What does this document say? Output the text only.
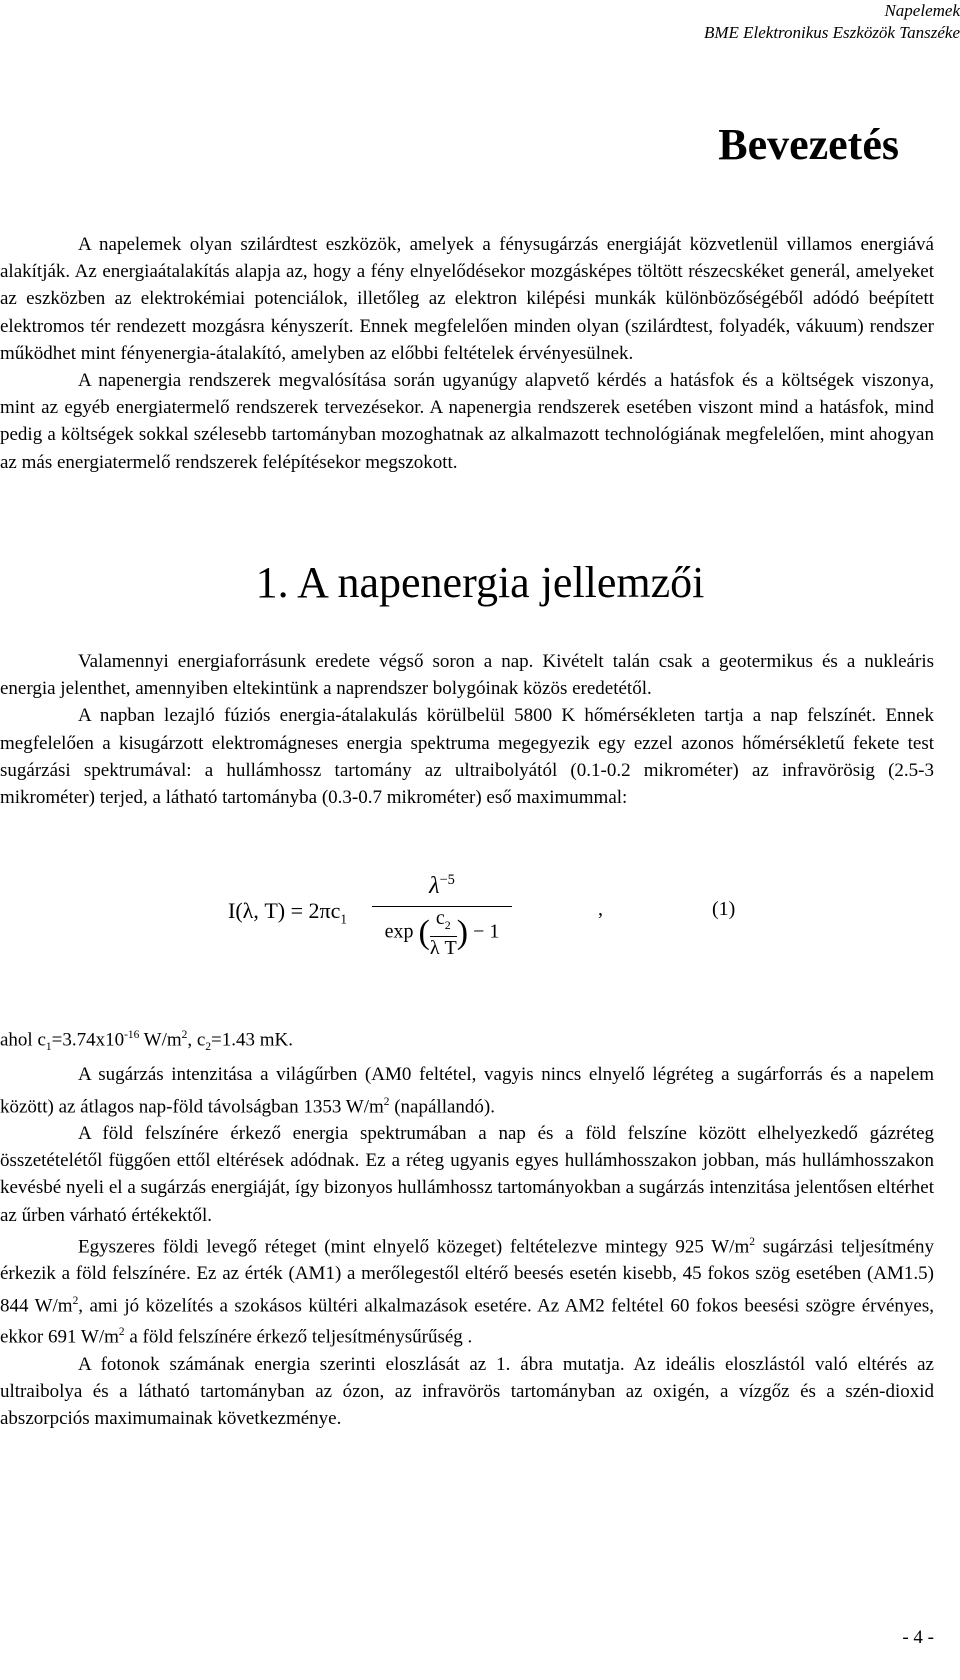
Napelemek
BME Elektronikus Eszközök Tanszéke
Bevezetés

A napelemek olyan szilárdtest eszközök, amelyek a fénysugárzás energiáját közvetlenül villamos energiává alakítják. Az energiaátalakítás alapja az, hogy a fény elnyelődésekor mozgásképes töltött részecskéket generál, amelyeket az eszközben az elektrokémiai potenciálok, illetőleg az elektron kilépési munkák különbözőségéből adódó beépített elektromos tér rendezett mozgásra kényszerít. Ennek megfelelően minden olyan (szilárdtest, folyadék, vákuum) rendszer működhet mint fényenergia-átalakító, amelyben az előbbi feltételek érvényesülnek.

A napenergia rendszerek megvalósítása során ugyanúgy alapvető kérdés a hatásfok és a költségek viszonya, mint az egyéb energiatermelő rendszerek tervezésekor. A napenergia rendszerek esetében viszont mind a hatásfok, mind pedig a költségek sokkal szélesebb tartományban mozoghatnak az alkalmazott technológiának megfelelően, mint ahogyan az más energiatermelő rendszerek felépítésekor megszokott.

1. A napenergia jellemzői

Valamennyi energiaforrásunk eredete végső soron a nap. Kivételt talán csak a geotermikus és a nukleáris energia jelenthet, amennyiben eltekintünk a naprendszer bolygóinak közös eredetétől.

A napban lezajló fúziós energia-átalakulás körülbelül 5800 K hőmérsékleten tartja a nap felszínét. Ennek megfelelően a kisugárzott elektromágneses energia spektruma megegyezik egy ezzel azonos hőmérsékletű fekete test sugárzási spektrumával: a hullámhossz tartomány az ultraibolyától (0.1-0.2 mikrométer) az infravörösig (2.5-3 mikrométer) terjed, a látható tartományba (0.3-0.7 mikrométer) eső maximummal:

I(λ, $T) = 2\pi c_1$
$\lambda^{-5}$
exp ( $\frac{c_2}{\text{λ T}}$ ) − 1
,	(1)

ahol $c_1=3.74x10^{-16}$ $W/m^2$, $c_2=1.43$ mK.

A sugárzás intenzitása a világűrben (AM0 feltétel, vagyis nincs elnyelő légréteg a sugárforrás és a napelem között) az átlagos nap-föld távolságban 1353 $W/m^2$ (napállandó).

A föld felszínére érkező energia spektrumában a nap és a föld felszíne között elhelyezkedő gázréteg összetételétől függően ettől eltérések adódnak. Ez a réteg ugyanis egyes hullámhosszakon jobban, más hullámhosszakon kevésbé nyeli el a sugárzás energiáját, így bizonyos hullámhossz tartományokban a sugárzás intenzitása jelentősen eltérhet az űrben várható értékektől.

Egyszeres földi levegő réteget (mint elnyelő közeget) feltételezve mintegy 925 $W/m^2$ sugárzási teljesítmény érkezik a föld felszínére. Ez az érték (AM1) a merőlegestől eltérő beesés esetén kisebb, 45 fokos szög esetében (AM1.5) 844 $W/m^2$, ami jó közelítés a szokásos kültéri alkalmazások esetére. Az AM2 feltétel 60 fokos beesési szögre érvényes, ekkor 691 $W/m^2$ a föld felszínére érkező teljesítménysűrűség .

A fotonok számának energia szerinti eloszlását az 1. ábra mutatja. Az ideális eloszlástól való eltérés az ultraibolya és a látható tartományban az ózon, az infravörös tartományban az oxigén, a vízgőz és a szén-dioxid abszorpciós maximumainak következménye.

- 4 -
